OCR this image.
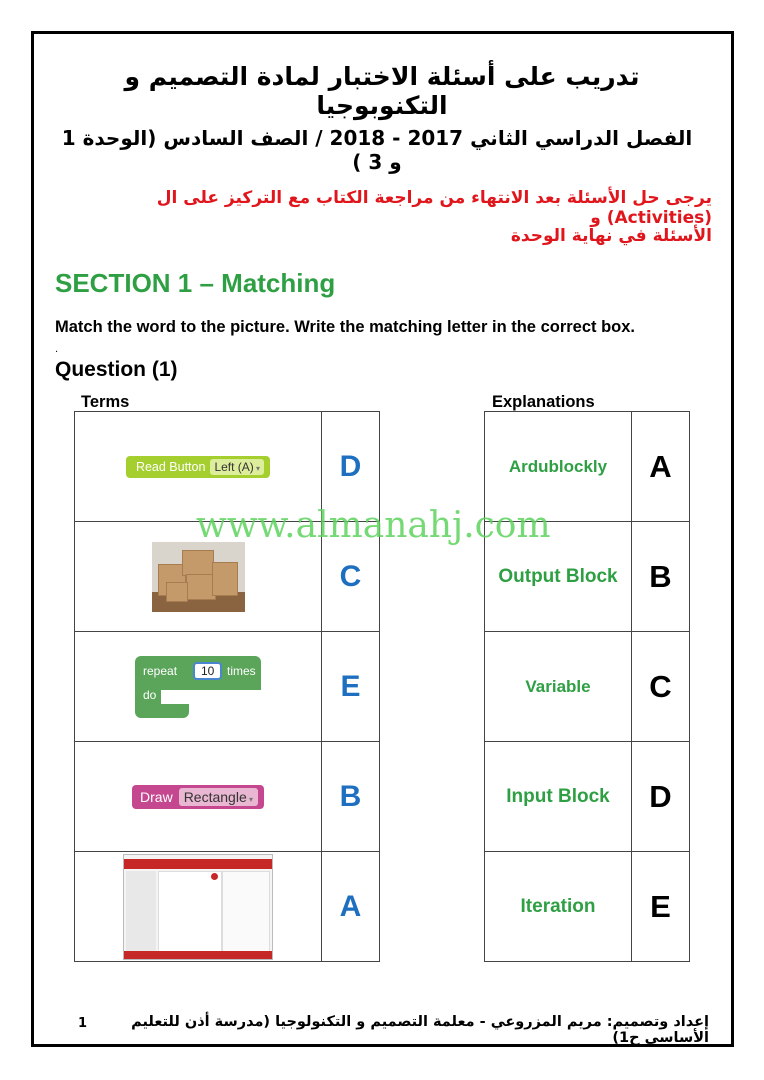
تدريب على أسئلة الاختبار لمادة التصميم و التكنوبوجيا
الفصل الدراسي الثاني 2017 - 2018 / الصف السادس (الوحدة 1 و 3 )
يرجى حل الأسئلة بعد الانتهاء من مراجعة الكتاب مع التركيز على ال (Activities) و
الأسئلة في نهاية الوحدة
SECTION 1 – Matching
Match the word to the picture. Write the matching letter in the correct box.
.
Question (1)
Terms	Explanations
Read Button Left (A) ▾	D

	C

repeat 10 times
do	E

Draw Rectangle ▾	B

	A
Ardublockly	A
Output Block	B
Variable	C
Input Block	D
Iteration	E
www.almanahj.com
إعداد وتصميم: مريم المزروعي - معلمة التصميم و التكنولوجيا (مدرسة أذن للتعليم الأساسي ح1)
1
